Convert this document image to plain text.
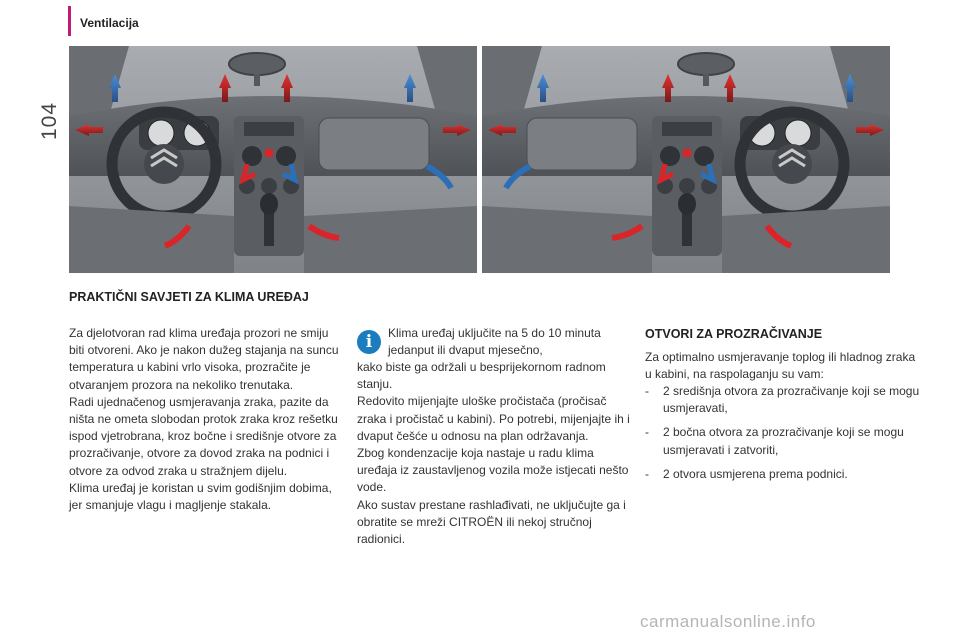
104
Ventilacija
PRAKTIČNI SAVJETI ZA KLIMA UREĐAJ
Za djelotvoran rad klima uređaja prozori ne smiju biti otvoreni. Ako je nakon dužeg stajanja na suncu temperatura u kabini vrlo visoka, prozračite je otvaranjem prozora na nekoliko trenutaka.
Radi ujednačenog usmjeravanja zraka, pazite da ništa ne ometa slobodan protok zraka kroz rešetku ispod vjetrobrana, kroz bočne i središnje otvore za prozračivanje, otvore za dovod zraka na podnici i otvore za odvod zraka u stražnjem dijelu.
Klima uređaj je koristan u svim godišnjim dobima, jer smanjuje vlagu i magljenje stakala.
i	Klima uređaj uključite na 5 do 10 minuta jedanput ili dvaput mjesečno,
kako biste ga održali u besprijekornom radnom stanju.
Redovito mijenjajte uloške pročistača (pročisač zraka i pročistač u kabini). Po potrebi, mijenjajte ih i dvaput češće u odnosu na plan održavanja.
Zbog kondenzacije koja nastaje u radu klima uređaja iz zaustavljenog vozila može istjecati nešto vode.
Ako sustav prestane rashlađivati, ne uključujte ga i obratite se mreži CITROËN ili nekoj stručnoj radionici.
OTVORI ZA PROZRAČIVANJE
Za optimalno usmjeravanje toplog ili hladnog zraka u kabini, na raspolaganju su vam:
- 2 središnja otvora za prozračivanje koji se mogu usmjeravati,
- 2 bočna otvora za prozračivanje koji se mogu usmjeravati i zatvoriti,
- 2 otvora usmjerena prema podnici.
carmanualsonline.info
